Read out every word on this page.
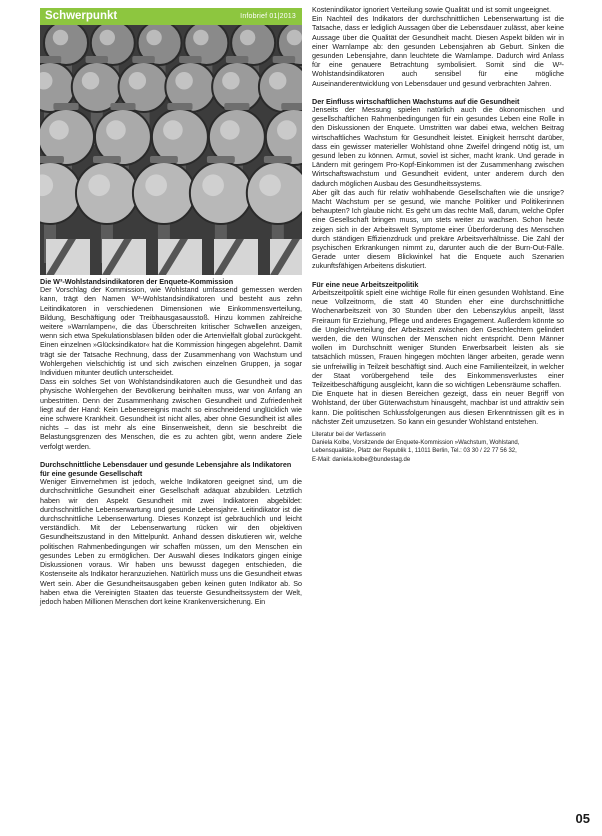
Schwerpunkt	Infobrief 01|2013
Die W³-Wohlstandsindikatoren der Enquete-Kommission

Der Vorschlag der Kommission, wie Wohlstand umfassend gemessen werden kann, trägt den Namen W³-Wohlstandsindikatoren und besteht aus zehn Leitindikatoren in verschiedenen Dimensionen wie Einkommensverteilung, Bildung, Beschäftigung oder Treibhausgasausstoß. Hinzu kommen zahlreiche weitere »Warnlampen«, die das Überschreiten kritischer Schwellen anzeigen, wenn sich etwa Spekulationsblasen bilden oder die Artenvielfalt global zurückgeht. Einen einzelnen »Glücksindikator« hat die Kommission hingegen abgelehnt. Damit trägt sie der Tatsache Rechnung, dass der Zusammenhang von Wachstum und Wohlergehen vielschichtig ist und sich zwischen einzelnen Gruppen, ja sogar Individuen mitunter deutlich unterscheidet.

Dass ein solches Set von Wohlstandsindikatoren auch die Gesundheit und das physische Wohlergehen der Bevölkerung beinhalten muss, war von Anfang an unbestritten. Denn der Zusammenhang zwischen Gesundheit und Zufriedenheit liegt auf der Hand: Kein Lebensereignis macht so einschneidend unglücklich wie eine schwere Krankheit. Gesundheit ist nicht alles, aber ohne Gesundheit ist alles nichts – das ist mehr als eine Binsenweisheit, denn sie beschreibt die Belastungsgrenzen des Menschen, die es zu achten gibt, wenn andere Ziele verfolgt werden.

Durchschnittliche Lebensdauer und gesunde Lebensjahre als Indikatoren für eine gesunde Gesellschaft

Weniger Einvernehmen ist jedoch, welche Indikatoren geeignet sind, um die durchschnittliche Gesundheit einer Gesellschaft adäquat abzubilden. Letztlich haben wir den Aspekt Gesundheit mit zwei Indikatoren abgebildet: durchschnittliche Lebenserwartung und gesunde Lebensjahre. Leitindikator ist die durchschnittliche Lebenserwartung. Dieses Konzept ist gebräuchlich und leicht verständlich. Mit der Lebenserwartung rücken wir den objektiven Gesundheitszustand in den Mittelpunkt. Anhand dessen diskutieren wir, welche politischen Rahmenbedingungen wir schaffen müssen, um den Menschen ein gesundes Leben zu ermöglichen. Der Auswahl dieses Indikators gingen einige Diskussionen voraus. Wir haben uns bewusst dagegen entschieden, die Kostenseite als Indikator heranzuziehen. Natürlich muss uns die Gesundheit etwas Wert sein. Aber die Gesundheitsausgaben geben keinen guten Indikator ab. So haben etwa die Vereinigten Staaten das teuerste Gesundheitssystem der Welt, jedoch haben Millionen Menschen dort keine Krankenversicherung. Ein

Kostenindikator ignoriert Verteilung sowie Qualität und ist somit ungeeignet.

Ein Nachteil des Indikators der durchschnittlichen Lebenserwartung ist die Tatsache, dass er lediglich Aussagen über die Lebensdauer zulässt, aber keine Aussage über die Qualität der Gesundheit macht. Diesen Aspekt bilden wir in einer Warnlampe ab: den gesunden Lebensjahren ab Geburt. Sinken die gesunden Lebensjahre, dann leuchtete die Warnlampe. Dadurch wird Anlass für eine genauere Betrachtung symbolisiert. Somit sind die W³-Wohlstandsindikatoren auch sensibel für eine mögliche Auseinanderentwicklung von Lebensdauer und gesund verbrachten Jahren.

Der Einfluss wirtschaftlichen Wachstums auf die Gesundheit

Jenseits der Messung spielen natürlich auch die ökonomischen und gesellschaftlichen Rahmenbedingungen für ein gesundes Leben eine Rolle in den Diskussionen der Enquete. Umstritten war dabei etwa, welchen Beitrag wirtschaftliches Wachstum für Gesundheit leistet. Einigkeit herrscht darüber, dass ein gewisser materieller Wohlstand ohne Zweifel dringend nötig ist, um gesund leben zu können. Armut, soviel ist sicher, macht krank. Und gerade in Ländern mit geringem Pro-Kopf-Einkommen ist der Zusammenhang zwischen Wirtschaftswachstum und Gesundheit evident, unter anderem durch den dadurch möglichen Ausbau des Gesundheitssystems.

Aber gilt das auch für relativ wohlhabende Gesellschaften wie die unsrige? Macht Wachstum per se gesund, wie manche Politiker und Politikerinnen behaupten? Ich glaube nicht. Es geht um das rechte Maß, darum, welche Opfer eine Gesellschaft bringen muss, um stets weiter zu wachsen. Schon heute zeigen sich in der Arbeitswelt Symptome einer Überforderung des Menschen durch ständigen Effizienzdruck und prekäre Arbeitsverhältnisse. Die Zahl der psychischen Erkrankungen nimmt zu, darunter auch die der Burn-Out-Fälle. Gerade unter diesem Blickwinkel hat die Enquete auch Szenarien zukunftsfähigen Arbeitens diskutiert.

Für eine neue Arbeitszeitpolitik

Arbeitszeitpolitik spielt eine wichtige Rolle für einen gesunden Wohlstand. Eine neue Vollzeitnorm, die statt 40 Stunden eher eine durchschnittliche Wochenarbeitszeit von 30 Stunden über den Lebenszyklus anpeilt, lässt Freiraum für Erziehung, Pflege und anderes Engagement. Außerdem könnte so die Ungleichverteilung der Arbeitszeit zwischen den Geschlechtern gelindert werden, die den Wünschen der Menschen nicht entspricht. Denn Männer wollen im Durchschnitt weniger Stunden Erwerbsarbeit leisten als sie tatsächlich müssen, Frauen hingegen möchten länger arbeiten, gerade wenn sie unfreiwillig in Teilzeit beschäftigt sind. Auch eine Familienteilzeit, in welcher der Staat vorübergehend teile des Einkommensverlustes einer Teilzeitbeschäftigung ausgleicht, kann die so wichtigen Lebensräume schaffen.

Die Enquete hat in diesen Bereichen gezeigt, dass ein neuer Begriff von Wohlstand, der über Güterwachstum hinausgeht, machbar ist und attraktiv sein kann. Die politischen Schlussfolgerungen aus diesen Erkenntnissen gilt es in nächster Zeit umzusetzen. So kann ein gesunder Wohlstand entstehen.

Literatur bei der Verfasserin

Daniela Kolbe, Vorsitzende der Enquete-Kommission »Wachstum, Wohlstand,

Lebensqualität«, Platz der Republik 1, 11011 Berlin, Tel.: 03 30 / 22 77 56 32,

E-Mail: daniela.kolbe@bundestag.de

05
